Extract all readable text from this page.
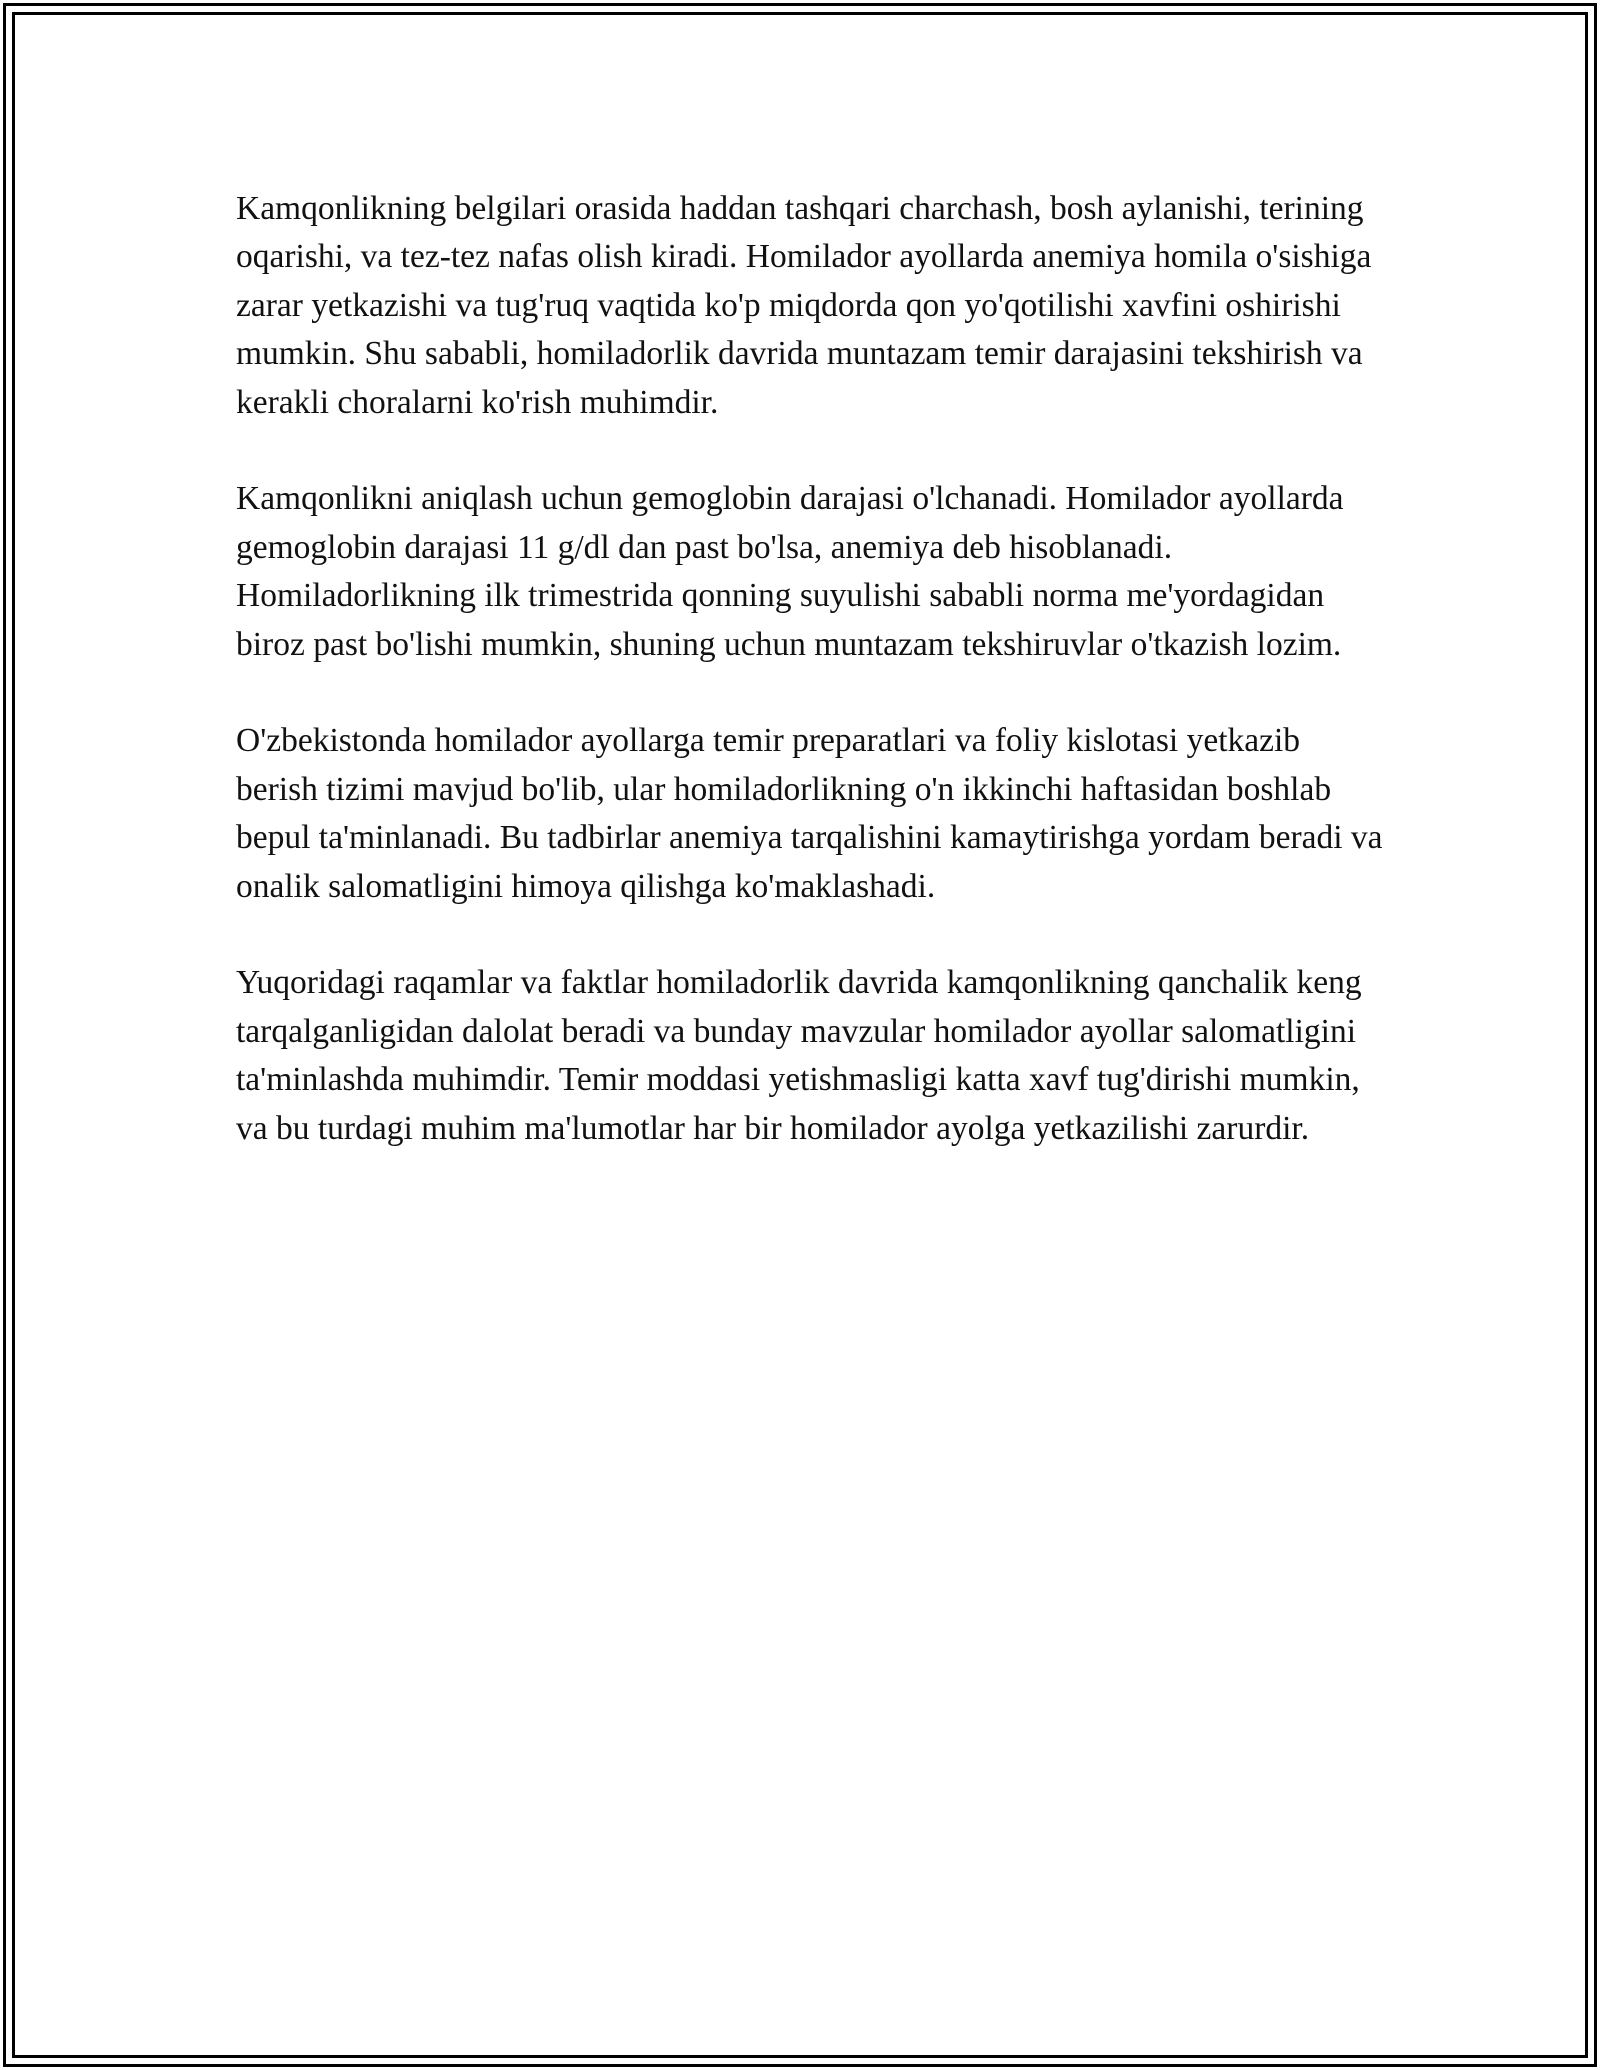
Kamqonlikning belgilari orasida haddan tashqari charchash, bosh aylanishi, terining oqarishi, va tez-tez nafas olish kiradi. Homilador ayollarda anemiya homila o'sishiga zarar yetkazishi va tug'ruq vaqtida ko'p miqdorda qon yo'qotilishi xavfini oshirishi mumkin. Shu sababli, homiladorlik davrida muntazam temir darajasini tekshirish va kerakli choralarni ko'rish muhimdir.

Kamqonlikni aniqlash uchun gemoglobin darajasi o'lchanadi. Homilador ayollarda gemoglobin darajasi 11 g/dl dan past bo'lsa, anemiya deb hisoblanadi. Homiladorlikning ilk trimestrida qonning suyulishi sababli norma me'yordagidan biroz past bo'lishi mumkin, shuning uchun muntazam tekshiruvlar o'tkazish lozim.

O'zbekistonda homilador ayollarga temir preparatlari va foliy kislotasi yetkazib berish tizimi mavjud bo'lib, ular homiladorlikning o'n ikkinchi haftasidan boshlab bepul ta'minlanadi. Bu tadbirlar anemiya tarqalishini kamaytirishga yordam beradi va onalik salomatligini himoya qilishga ko'maklashadi.

Yuqoridagi raqamlar va faktlar homiladorlik davrida kamqonlikning qanchalik keng tarqalganligidan dalolat beradi va bunday mavzular homilador ayollar salomatligini ta'minlashda muhimdir. Temir moddasi yetishmasligi katta xavf tug'dirishi mumkin, va bu turdagi muhim ma'lumotlar har bir homilador ayolga yetkazilishi zarurdir.
